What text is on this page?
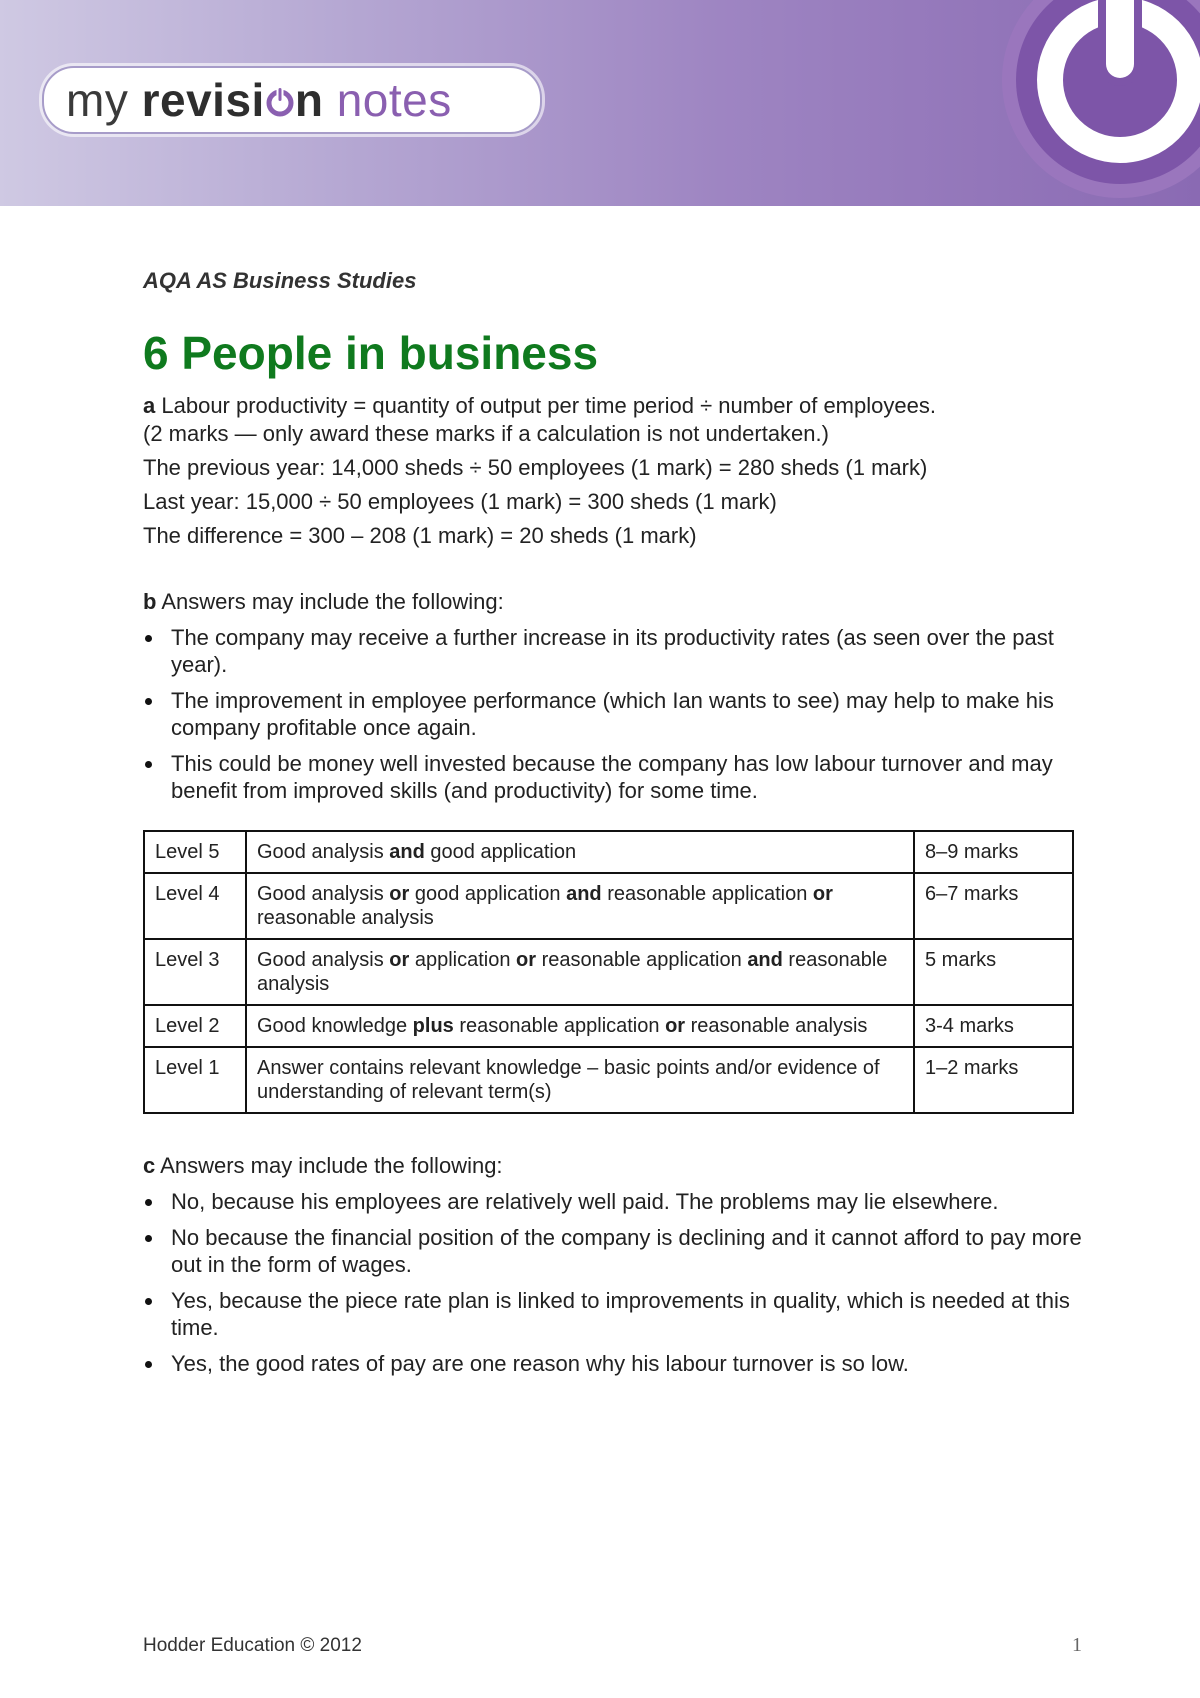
my revisi n notes
AQA AS Business Studies
6 People in business

a Labour productivity = quantity of output per time period ÷ number of employees.

(2 marks — only award these marks if a calculation is not undertaken.)

The previous year: 14,000 sheds ÷ 50 employees (1 mark) = 280 sheds (1 mark)

Last year: 15,000 ÷ 50 employees (1 mark) = 300 sheds (1 mark)

The difference = 300 – 208 (1 mark) = 20 sheds (1 mark)

b Answers may include the following:

The company may receive a further increase in its productivity rates (as seen over the past year).
The improvement in employee performance (which Ian wants to see) may help to make his company profitable once again.
This could be money well invested because the company has low labour turnover and may benefit from improved skills (and productivity) for some time.
Level 5	Good analysis and good application	8–9 marks
Level 4	Good analysis or good application and reasonable application or reasonable analysis	6–7 marks
Level 3	Good analysis or application or reasonable application and reasonable analysis	5 marks
Level 2	Good knowledge plus reasonable application or reasonable analysis	3-4 marks
Level 1	Answer contains relevant knowledge – basic points and/or evidence of understanding of relevant term(s)	1–2 marks

c Answers may include the following:

No, because his employees are relatively well paid. The problems may lie elsewhere.
No because the financial position of the company is declining and it cannot afford to pay more out in the form of wages.
Yes, because the piece rate plan is linked to improvements in quality, which is needed at this time.
Yes, the good rates of pay are one reason why his labour turnover is so low.
Hodder Education © 2012	1
